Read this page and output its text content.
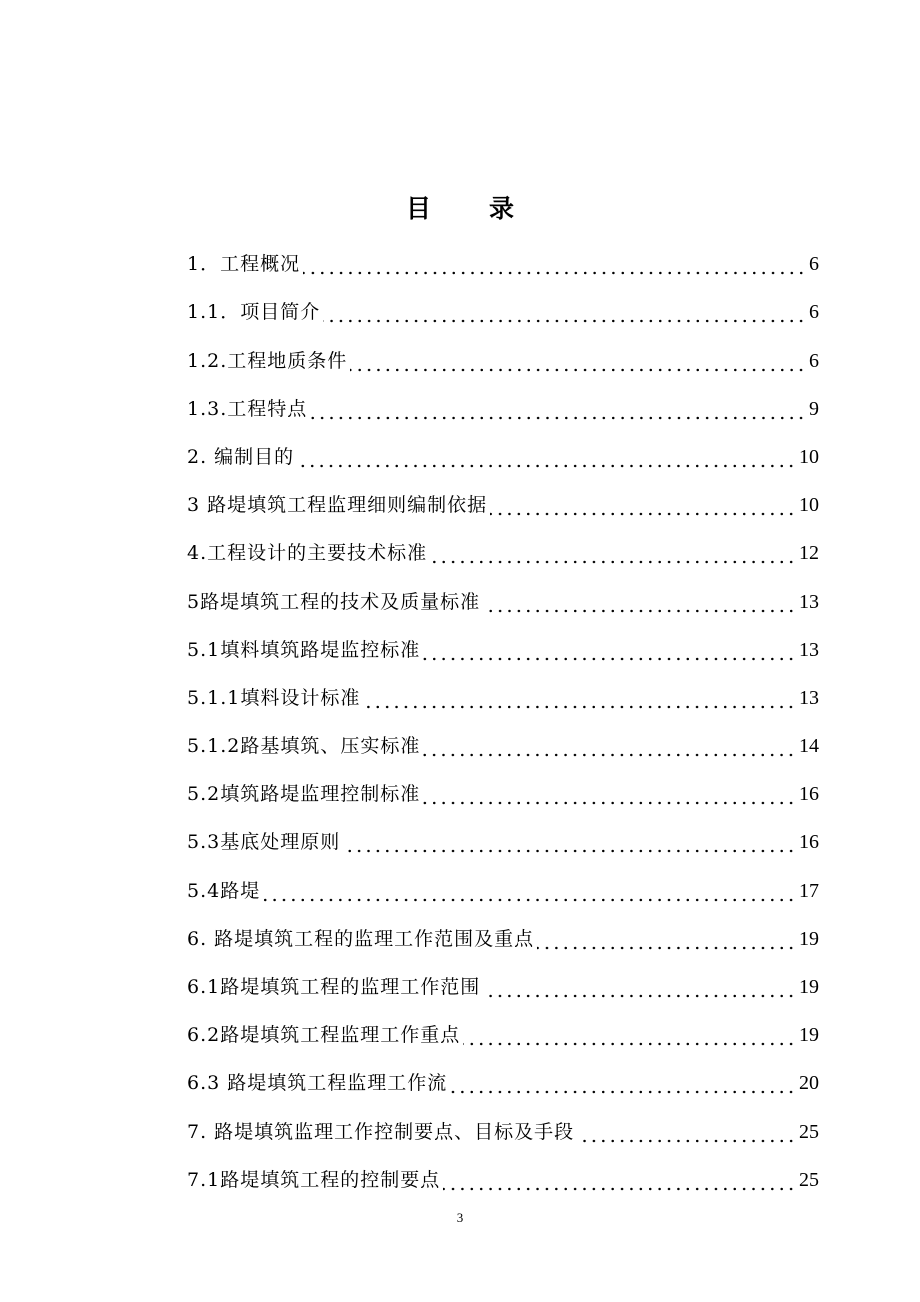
目录
1．工程概况	6
1.1．项目简介	6
1.2.工程地质条件	6
1.3.工程特点	9
2. 编制目的	10
3 路堤填筑工程监理细则编制依据	10
4.工程设计的主要技术标准	12
5路堤填筑工程的技术及质量标准	13
5.1填料填筑路堤监控标准	13
5.1.1填料设计标准	13
5.1.2路基填筑、压实标准	14
5.2填筑路堤监理控制标准	16
5.3基底处理原则	16
5.4路堤	17
6. 路堤填筑工程的监理工作范围及重点	19
6.1路堤填筑工程的监理工作范围	19
6.2路堤填筑工程监理工作重点	19
6.3 路堤填筑工程监理工作流	20
7. 路堤填筑监理工作控制要点、目标及手段	25
7.1路堤填筑工程的控制要点	25
3
